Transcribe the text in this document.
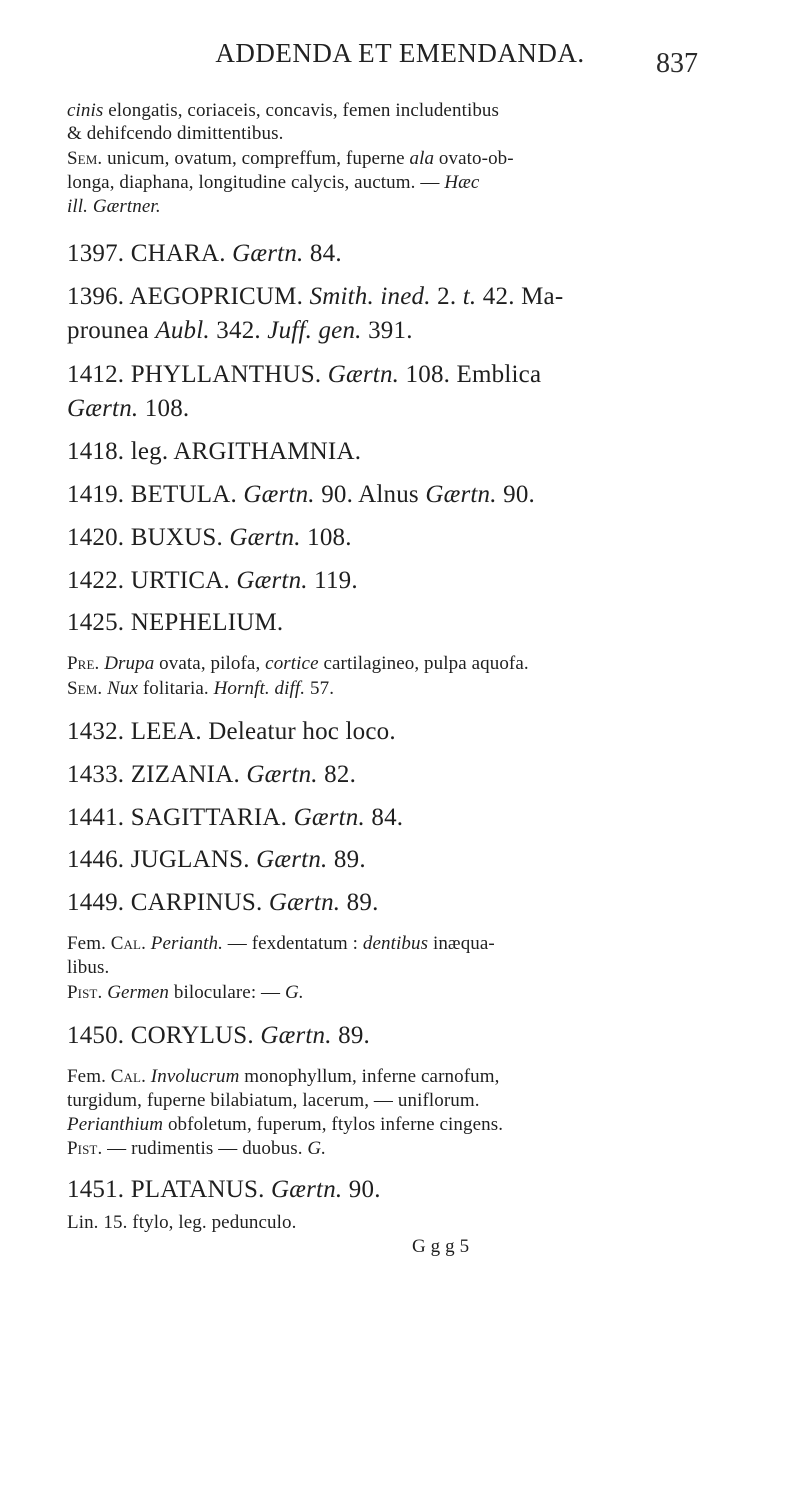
ADDENDA ET EMENDANDA.	837
cinis elongatis, coriaceis, concavis, femen includentibus
& dehifcendo dimittentibus.
Sem. unicum, ovatum, compreffum, fuperne ala ovato-ob-
longa, diaphana, longitudine calycis, auctum. — Hæc
ill. Gærtner.
1397. CHARA. Gærtn. 84.
1396. AEGOPRICUM. Smith. ined. 2. t. 42. Ma-
prounea Aubl. 342. Juff. gen. 391.
1412. PHYLLANTHUS. Gærtn. 108. Emblica
Gærtn. 108.
1418. leg. ARGITHAMNIA.
1419. BETULA. Gærtn. 90. Alnus Gærtn. 90.
1420. BUXUS. Gærtn. 108.
1422. URTICA. Gærtn. 119.
1425. NEPHELIUM.
Pre. Drupa ovata, pilofa, cortice cartilagineo, pulpa aquofa.
Sem. Nux folitaria. Hornft. diff. 57.
1432. LEEA. Deleatur hoc loco.
1433. ZIZANIA. Gærtn. 82.
1441. SAGITTARIA. Gærtn. 84.
1446. JUGLANS. Gærtn. 89.
1449. CARPINUS. Gærtn. 89.
Fem. Cal. Perianth. — fexdentatum : dentibus inæqua-
libus.
Pist. Germen biloculare: — G.
1450. CORYLUS. Gærtn. 89.
Fem. Cal. Involucrum monophyllum, inferne carnofum,
turgidum, fuperne bilabiatum, lacerum, — uniflorum.
Perianthium obfoletum, fuperum, ftylos inferne cingens.
Pist. — rudimentis — duobus. G.
1451. PLATANUS. Gærtn. 90.
Lin. 15. ftylo, leg. pedunculo.
G g g 5
